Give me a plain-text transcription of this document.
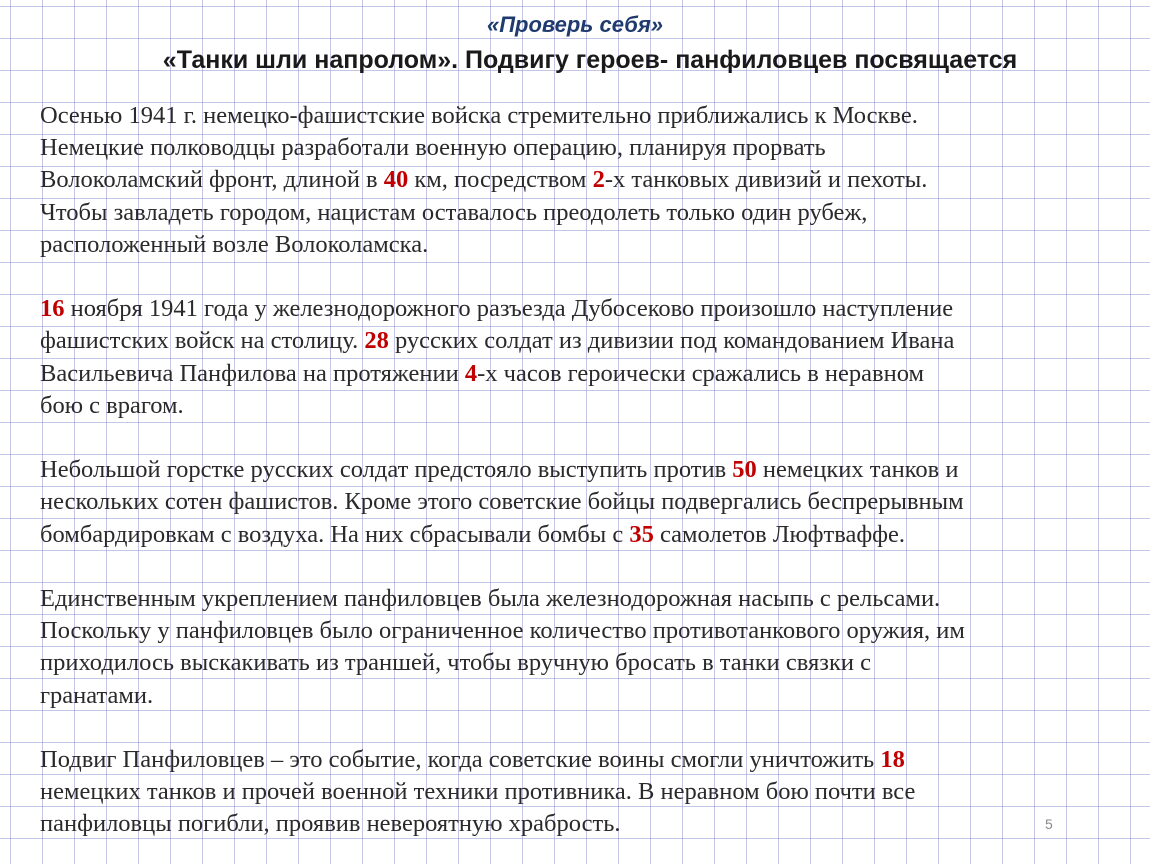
«Проверь себя»
«Танки шли напролом». Подвигу героев- панфиловцев посвящается

Осенью 1941 г. немецко-фашистские войска стремительно приближались к Москве.
Немецкие полководцы разработали военную операцию, планируя прорвать
Волоколамский фронт, длиной в 40 км, посредством 2-х танковых дивизий и пехоты.
Чтобы завладеть городом, нацистам оставалось преодолеть только один рубеж,
расположенный возле Волоколамска.

16 ноября 1941 года у железнодорожного разъезда Дубосеково произошло наступление
фашистских войск на столицу. 28 русских солдат из дивизии под командованием Ивана
Васильевича Панфилова на протяжении 4-х часов героически сражались в неравном
бою с врагом.

Небольшой горстке русских солдат предстояло выступить против 50 немецких танков и
нескольких сотен фашистов. Кроме этого советские бойцы подвергались беспрерывным
бомбардировкам с воздуха. На них сбрасывали бомбы с 35 самолетов Люфтваффе.

Единственным укреплением панфиловцев была железнодорожная насыпь с рельсами.
Поскольку у панфиловцев было ограниченное количество противотанкового оружия, им
приходилось выскакивать из траншей, чтобы вручную бросать в танки связки с
гранатами.

Подвиг Панфиловцев – это событие, когда советские воины смогли уничтожить 18
немецких танков и прочей военной техники противника. В неравном бою почти все
панфиловцы погибли, проявив невероятную храбрость.	5
